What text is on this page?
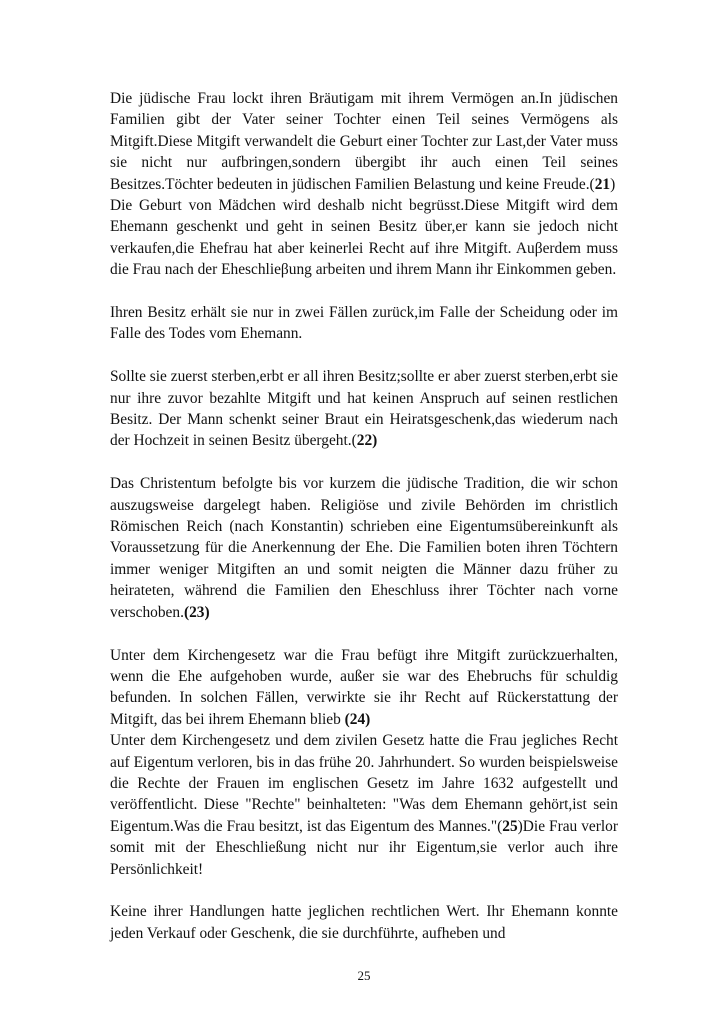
Die jüdische Frau lockt ihren Bräutigam mit ihrem Vermögen an.In jüdischen Familien gibt der Vater seiner Tochter einen Teil seines Vermögens als Mitgift.Diese Mitgift verwandelt die Geburt einer Tochter zur Last,der Vater muss sie nicht nur aufbringen,sondern übergibt ihr auch einen Teil seines Besitzes.Töchter bedeuten in jüdischen Familien Belastung und keine Freude.(21)

Die Geburt von Mädchen wird deshalb nicht begrüsst.Diese Mitgift wird dem Ehemann geschenkt und geht in seinen Besitz über,er kann sie jedoch nicht verkaufen,die Ehefrau hat aber keinerlei Recht auf ihre Mitgift. Auβerdem muss die Frau nach der Eheschlieβung arbeiten und ihrem Mann ihr Einkommen geben.

Ihren Besitz erhält sie nur in zwei Fällen zurück,im Falle der Scheidung oder im Falle des Todes vom Ehemann.

Sollte sie zuerst sterben,erbt er all ihren Besitz;sollte er aber zuerst sterben,erbt sie nur ihre zuvor bezahlte Mitgift und hat keinen Anspruch auf seinen restlichen Besitz. Der Mann schenkt seiner Braut ein Heiratsgeschenk,das wiederum nach der Hochzeit in seinen Besitz übergeht.(22)

Das Christentum befolgte bis vor kurzem die jüdische Tradition, die wir schon auszugsweise dargelegt haben. Religiöse und zivile Behörden im christlich Römischen Reich (nach Konstantin) schrieben eine Eigentumsübereinkunft als Voraussetzung für die Anerkennung der Ehe. Die Familien boten ihren Töchtern immer weniger Mitgiften an und somit neigten die Männer dazu früher zu heirateten, während die Familien den Eheschluss ihrer Töchter nach vorne verschoben.(23)

Unter dem Kirchengesetz war die Frau befügt ihre Mitgift zurückzuerhalten, wenn die Ehe aufgehoben wurde, außer sie war des Ehebruchs für schuldig befunden. In solchen Fällen, verwirkte sie ihr Recht auf Rückerstattung der Mitgift, das bei ihrem Ehemann blieb (24)

Unter dem Kirchengesetz und dem zivilen Gesetz hatte die Frau jegliches Recht auf Eigentum verloren, bis in das frühe 20. Jahrhundert. So wurden beispielsweise die Rechte der Frauen im englischen Gesetz im Jahre 1632 aufgestellt und veröffentlicht. Diese "Rechte" beinhalteten: "Was dem Ehemann gehört,ist sein Eigentum.Was die Frau besitzt, ist das Eigentum des Mannes."(25)Die Frau verlor somit mit der Eheschließung nicht nur ihr Eigentum,sie verlor auch ihre Persönlichkeit!

Keine ihrer Handlungen hatte jeglichen rechtlichen Wert. Ihr Ehemann konnte jeden Verkauf oder Geschenk, die sie durchführte, aufheben und

25
